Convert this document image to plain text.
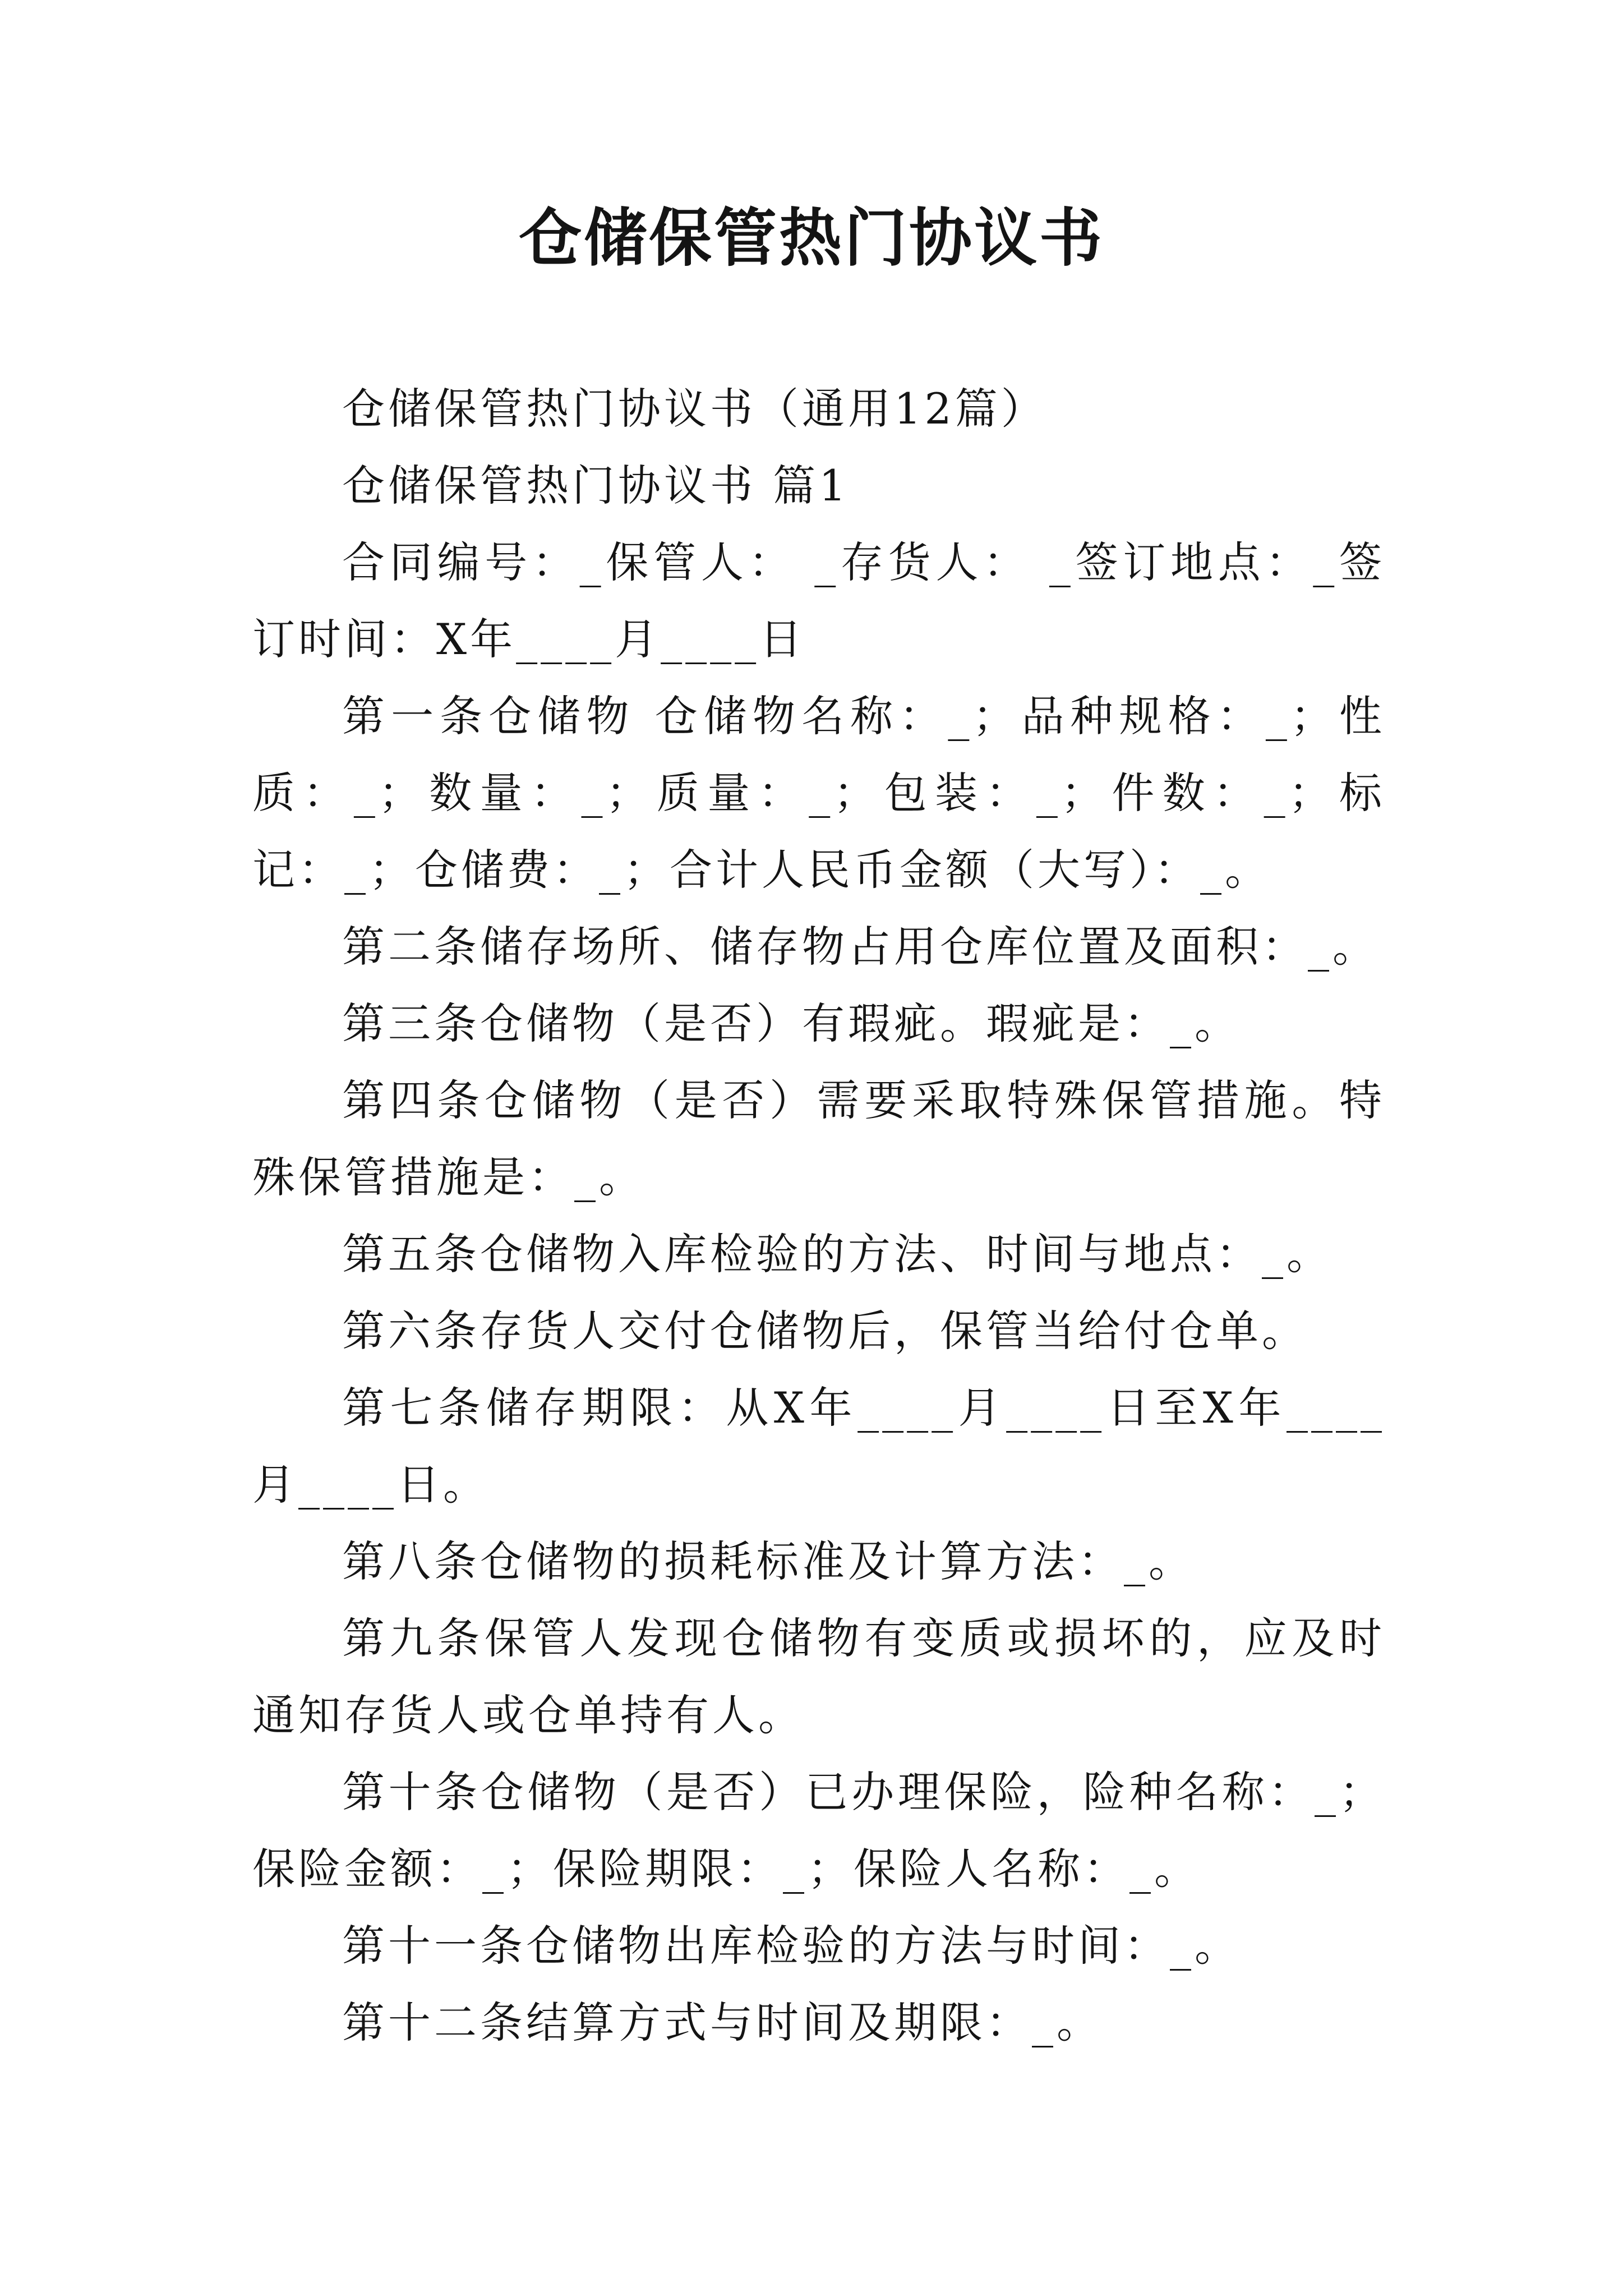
仓储保管热门协议书

仓储保管热门协议书（通用12篇）

仓储保管热门协议书 篇1

合同编号：_保管人： _存货人： _签订地点：_签订时间：X年____月____日

第一条仓储物 仓储物名称：_；品种规格：_；性质：_；数量：_；质量：_；包装：_；件数：_；标记：_；仓储费：_；合计人民币金额（大写）：_。

第二条储存场所、储存物占用仓库位置及面积：_。

第三条仓储物（是否）有瑕疵。瑕疵是：_。

第四条仓储物（是否）需要采取特殊保管措施。特殊保管措施是：_。

第五条仓储物入库检验的方法、时间与地点：_。

第六条存货人交付仓储物后，保管当给付仓单。

第七条储存期限：从X年____月____日至X年____月____日。

第八条仓储物的损耗标准及计算方法：_。

第九条保管人发现仓储物有变质或损坏的，应及时通知存货人或仓单持有人。

第十条仓储物（是否）已办理保险，险种名称：_；保险金额：_；保险期限：_；保险人名称：_。

第十一条仓储物出库检验的方法与时间：_。

第十二条结算方式与时间及期限：_。
